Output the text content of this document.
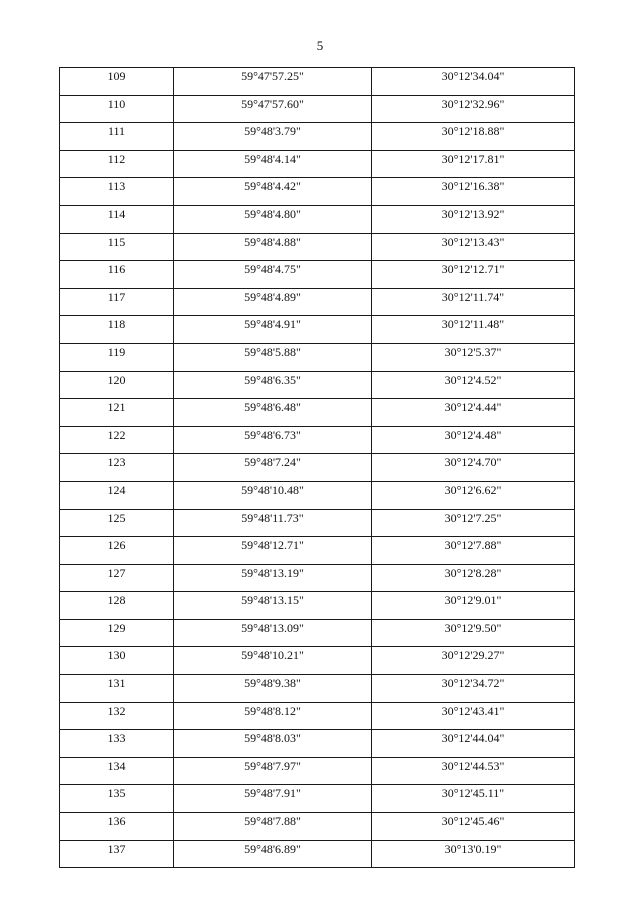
5
109	59°47'57.25"	30°12'34.04"
110	59°47'57.60"	30°12'32.96"
111	59°48'3.79"	30°12'18.88"
112	59°48'4.14"	30°12'17.81"
113	59°48'4.42"	30°12'16.38"
114	59°48'4.80"	30°12'13.92"
115	59°48'4.88"	30°12'13.43"
116	59°48'4.75"	30°12'12.71"
117	59°48'4.89"	30°12'11.74"
118	59°48'4.91"	30°12'11.48"
119	59°48'5.88"	30°12'5.37"
120	59°48'6.35"	30°12'4.52"
121	59°48'6.48"	30°12'4.44"
122	59°48'6.73"	30°12'4.48"
123	59°48'7.24"	30°12'4.70"
124	59°48'10.48"	30°12'6.62"
125	59°48'11.73"	30°12'7.25"
126	59°48'12.71"	30°12'7.88"
127	59°48'13.19"	30°12'8.28"
128	59°48'13.15"	30°12'9.01"
129	59°48'13.09"	30°12'9.50"
130	59°48'10.21"	30°12'29.27"
131	59°48'9.38"	30°12'34.72"
132	59°48'8.12"	30°12'43.41"
133	59°48'8.03"	30°12'44.04"
134	59°48'7.97"	30°12'44.53"
135	59°48'7.91"	30°12'45.11"
136	59°48'7.88"	30°12'45.46"
137	59°48'6.89"	30°13'0.19"
